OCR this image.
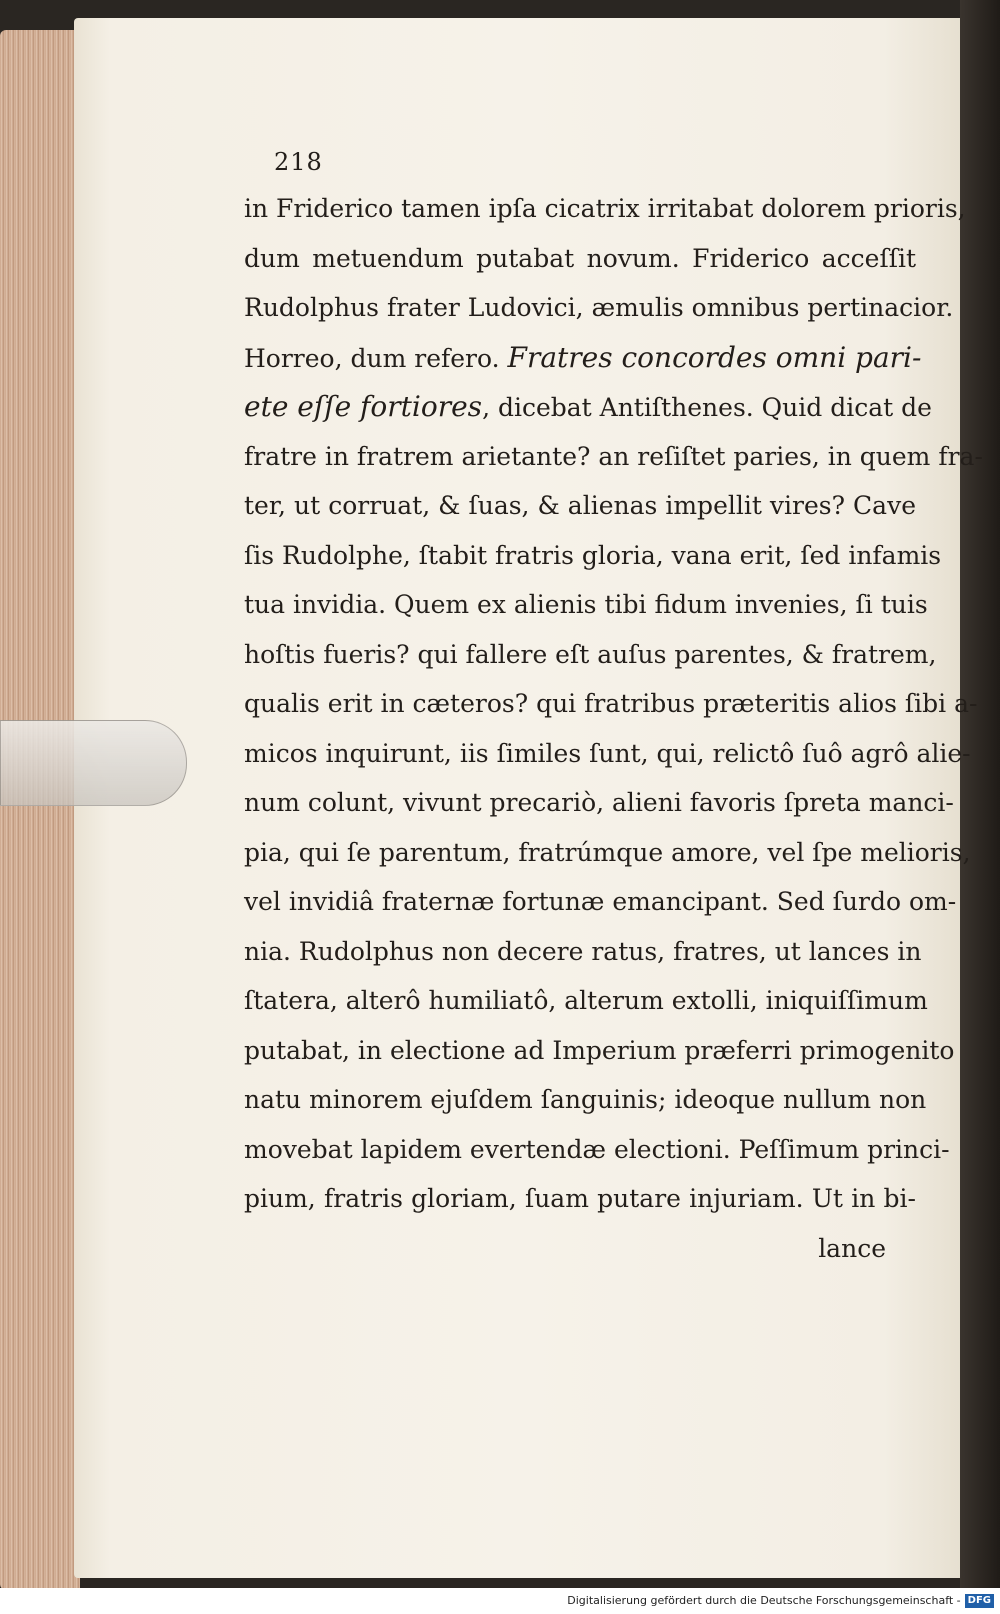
218
in Friderico tamen ipſa cicatrix irritabat dolorem prioris,
dum metuendum putabat novum. Friderico acceſſit
Rudolphus frater Ludovici, æmulis omnibus pertinacior.
Horreo, dum refero. Fratres concordes omni pari-
ete eſſe fortiores, dicebat Antiſthenes. Quid dicat de
fratre in fratrem arietante? an reſiſtet paries, in quem fra-
ter, ut corruat, & ſuas, & alienas impellit vires? Cave
ſis Rudolphe, ſtabit fratris gloria, vana erit, ſed infamis
tua invidia. Quem ex alienis tibi fidum invenies, ſi tuis
hoſtis fueris? qui fallere eſt auſus parentes, & fratrem,
qualis erit in cæteros? qui fratribus præteritis alios ſibi a-
micos inquirunt, iis ſimiles ſunt, qui, relictô ſuô agrô alie-
num colunt, vivunt precariò, alieni favoris ſpreta manci-
pia, qui ſe parentum, fratrúmque amore, vel ſpe melioris,
vel invidiâ fraternæ fortunæ emancipant. Sed ſurdo om-
nia. Rudolphus non decere ratus, fratres, ut lances in
ſtatera, alterô humiliatô, alterum extolli, iniquiſſimum
putabat, in electione ad Imperium præferri primogenito
natu minorem ejuſdem ſanguinis; ideoque nullum non
movebat lapidem evertendæ electioni. Peſſimum princi-
pium, fratris gloriam, ſuam putare injuriam. Ut in bi-
lance
Digitalisierung gefördert durch die Deutsche Forschungsgemeinschaft - DFG
